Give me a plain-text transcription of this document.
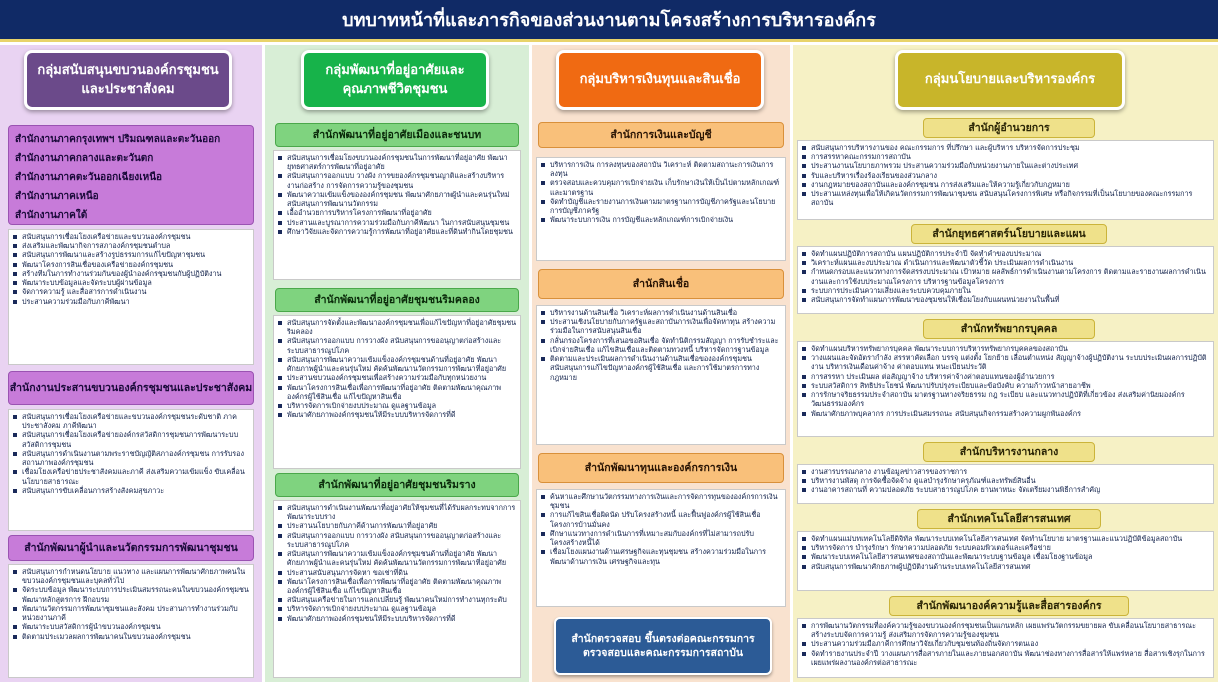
บทบาทหน้าที่และภารกิจของส่วนงานตามโครงสร้างการบริหารองค์กร
กลุ่มสนับสนุนขบวนองค์กรชุมชนและประชาสังคม
สำนักงานภาคกรุงเทพฯ ปริมณฑลและตะวันออก
สำนักงานภาคกลางและตะวันตก
สำนักงานภาคตะวันออกเฉียงเหนือ
สำนักงานภาคเหนือ
สำนักงานภาคใต้
สนับสนุนการเชื่อมโยงเครือข่ายและขบวนองค์กรชุมชน
ส่งเสริมและพัฒนากิจการสภาองค์กรชุมชนตำบล
สนับสนุนการพัฒนาและสร้างรูปธรรมการแก้ไขปัญหาชุมชน
พัฒนาโครงการสินเชื่อของเครือข่ายองค์กรชุมชน
สร้างทีมในการทำงานร่วมกันของผู้นำองค์กรชุมชนกับผู้ปฏิบัติงาน
พัฒนาระบบข้อมูลและจัดระบบผู้ผ่านข้อมูล
จัดการความรู้ และสื่อสารการดำเนินงาน
ประสานความร่วมมือกับภาคีพัฒนา
สำนักงานประสานขบวนองค์กรชุมชนและประชาสังคม
สนับสนุนการเชื่อมโยงเครือข่ายและขบวนองค์กรชุมชนระดับชาติ ภาคประชาสังคม ภาคีพัฒนา
สนับสนุนการเชื่อมโยงเครือข่ายองค์กรสวัสดิการชุมชนการพัฒนาระบบสวัสดิการชุมชน
สนับสนุนการดำเนินงานตามพระราชบัญญัติสภาองค์กรชุมชน การรับรองสถานภาพองค์กรชุมชน
เชื่อมโยงเครือข่ายประชาสังคมและภาคี ส่งเสริมความเข้มแข็ง ขับเคลื่อนนโยบายสาธารณะ
สนับสนุนการขับเคลื่อนการสร้างสังคมสุขภาวะ
สำนักพัฒนาผู้นำและนวัตกรรมการพัฒนาชุมชน
สนับสนุนการกำหนดนโยบาย แนวทาง และแผนการพัฒนาศักยภาพคนในขบวนองค์กรชุมชนและบุคลทั่วไป
จัดระบบข้อมูล พัฒนาระบบการประเมินสมรรถนะคนในขบวนองค์กรชุมชน พัฒนาหลักสูตรการ ฝึกอบรม
พัฒนานวัตกรรมการพัฒนาชุมชนและสังคม ประสานการทำงานร่วมกับหน่วยงานภาคี
พัฒนาระบบสวัสดิการผู้นำขบวนองค์กรชุมชน
ติดตามประเมวลผลการพัฒนาคนในขบวนองค์กรชุมชน
กลุ่มพัฒนาที่อยู่อาศัยและคุณภาพชีวิตชุมชน
สำนักพัฒนาที่อยู่อาศัยเมืองและชนบท
สนับสนุนการเชื่อมโยงขบวนองค์กรชุมชนในการพัฒนาที่อยู่อาศัย พัฒนายุทธศาสตร์การพัฒนาที่อยู่อาศัย
สนับสนุนการออกแบบ วางผัง การขยองค์กรชุมชนญาติและสร้างบริหารงานก่อสร้าง การจัดการความรู้ของชุมชน
พัฒนาความเข้มแข็งขององค์กรชุมชน พัฒนาศักยภาพผู้นำและคนรุ่นใหม่ สนับสนุนการพัฒนานวัตกรรม
เอื้ออำนวยการบริหารโครงการพัฒนาที่อยู่อาศัย
ประสานและบูรณาการความร่วมมือกับภาคีพัฒนา ในการสนับสนุนชุมชน
ศึกษาวิจัยและจัดการความรู้การพัฒนาที่อยู่อาศัยและที่ดินทำกินโดยชุมชน
สำนักพัฒนาที่อยู่อาศัยชุมชนริมคลอง
สนับสนุนการจัดตั้งและพัฒนาองค์กรชุมชนเพื่อแก้ไขปัญหาที่อยู่อาศัยชุมชนริมคลอง
สนับสนุนการออกแบบ การวางผัง สนับสนุนการขออนุญาตก่อสร้างและระบบสาธารณูปโภค
สนับสนุนการพัฒนาความเข้มแข็งองค์กรชุมชนด้านที่อยู่อาศัย พัฒนาศักยภาพผู้นำและคนรุ่นใหม่ คัดค้นพัฒนานวัตกรรมการพัฒนาที่อยู่อาศัย
ประสานขบวนองค์กรชุมชนเพื่อสร้างความร่วมมือกับทุกหน่วยงาน
พัฒนาโครงการสินเชื่อเพื่อการพัฒนาที่อยู่อาศัย ติดตามพัฒนาคุณภาพองค์กรผู้ใช้สินเชื่อ แก้ไขปัญหาสินเชื่อ
บริหารจัดการเบิกจ่ายงบประมาณ ดูแลฐานข้อมูล
พัฒนาศักยภาพองค์กรชุมชนให้มีระบบบริหารจัดการที่ดี
สำนักพัฒนาที่อยู่อาศัยชุมชนริมราง
สนับสนุนการดำเนินงานพัฒนาที่อยู่อาศัยให้ชุมชนที่ได้รับผลกระทบจากการพัฒนาระบบราง
ประสานนโยบายกับภาคีด้านการพัฒนาที่อยู่อาศัย
สนับสนุนการออกแบบ การวางผัง สนับสนุนการขออนุญาตก่อสร้างและระบบสาธารณูปโภค
สนับสนุนการพัฒนาความเข้มแข็งองค์กรชุมชนด้านที่อยู่อาศัย พัฒนาศักยภาพผู้นำและคนรุ่นใหม่ คัดค้นพัฒนานวัตกรรมการพัฒนาที่อยู่อาศัย
ประสานสนับสนุนการจัดหา ขอเช่าที่ดิน
พัฒนาโครงการสินเชื่อเพื่อการพัฒนาที่อยู่อาศัย ติดตามพัฒนาคุณภาพองค์กรผู้ใช้สินเชื่อ แก้ไขปัญหาสินเชื่อ
สนับสนุนเครือข่ายในการแลกเปลี่ยนรู้ พัฒนาคนใหม่การทำงานทุกระดับ
บริหารจัดการเบิกจ่ายงบประมาณ ดูแลฐานข้อมูล
พัฒนาศักยภาพองค์กรชุมชนให้มีระบบบริหารจัดการที่ดี
กลุ่มบริหารเงินทุนและสินเชื่อ
สำนักการเงินและบัญชี
บริหารการเงิน การลงทุนของสถาบัน วิเคราะห์ ติดตามสถานะการเงินการลงทุน
ตรวจสอบและควบคุมการเบิกจ่ายเงิน เก็บรักษาเงินให้เป็นไปตามหลักเกณฑ์และมาตรฐาน
จัดทำบัญชีและรายงานการเงินตามมาตรฐานการบัญชีภาครัฐและนโยบายการบัญชีภาครัฐ
พัฒนาระบบการเงิน การบัญชีและหลักเกณฑ์การเบิกจ่ายเงิน
สำนักสินเชื่อ
บริหารงานด้านสินเชื่อ วิเคราะห์ผลการดำเนินงานด้านสินเชื่อ
ประสานเชิงนโยบายกับภาครัฐและสถาบันการเงินเพื่อจัดหาทุน สร้างความร่วมมือในการสนับสนุนสินเชื่อ
กลั่นกรองโครงการที่เสนอขอสินเชื่อ จัดทำนิติกรรมสัญญา การรับชำระและเบิกจ่ายสินเชื่อ แก้ไขสินเชื่อและติดตามทวงหนี้ บริหารจัดการฐานข้อมูล
ติดตามและประเมินผลการดำเนินงานด้านสินเชื่อขององค์กรชุมชน สนับสนุนการแก้ไขปัญหาองค์กรผู้ใช้สินเชื่อ และการใช้มาตรการทางกฎหมาย
สำนักพัฒนาทุนและองค์กรการเงิน
ค้นหาและศึกษานวัตกรรมทางการเงินและการจัดการทุนขององค์กรการเงินชุมชน
การแก้ไขสินเชื่อผิดนัด ปรับโครงสร้างหนี้ และฟื้นฟูองค์กรผู้ใช้สินเชื่อโครงการบ้านมั่นคง
ศึกษาแนวทางการดำเนินการที่เหมาะสมกับองค์กรที่ไม่สามารถปรับโครงสร้างหนี้ได้
เชื่อมโยงแผนงานด้านเศรษฐกิจและทุนชุมชน สร้างความร่วมมือในการพัฒนาด้านการเงิน เศรษฐกิจและทุน
สำนักตรวจสอบ ขึ้นตรงต่อคณะกรรมการตรวจสอบและคณะกรรมการสถาบัน
กลุ่มนโยบายและบริหารองค์กร
สำนักผู้อำนวยการ
สนับสนุนการบริหารงานของ คณะกรรมการ ที่ปรึกษา และผู้บริหาร บริหารจัดการประชุม
การสรรหาคณะกรรมการสถาบัน
ประสานงานนโยบายภาพรวม ประสานความร่วมมือกับหน่วยงานภายในและต่างประเทศ
รับและบริหารเรื่องร้องเรียนของส่วนกลาง
งานกฎหมายของสถาบันและองค์กรชุมชน การส่งเสริมและให้ความรู้เกี่ยวกับกฎหมาย
ประสานแหล่งทุนเพื่อให้เกิดนวัตกรรมการพัฒนาชุมชน สนับสนุนโครงการพิเศษ หรือกิจกรรมที่เป็นนโยบายของคณะกรรมการสถาบัน
สำนักยุทธศาสตร์นโยบายและแผน
จัดทำแผนปฏิบัติการสถาบัน แผนปฏิบัติการประจำปี จัดทำคำของบประมาณ
วิเคราะห์แผนและงบประมาณ ดำเนินการและพัฒนาตัวชี้วัด ประเมินผลการดำเนินงาน
กำหนดกรอบและแนวทางการจัดสรรงบประมาณ เป้าหมาย ผลลัพธ์การดำเนินงานตามโครงการ ติดตามและรายงานผลการดำเนินงานและการใช้งบประมาณโครงการ บริหารฐานข้อมูลโครงการ
ระบบการประเมินความเสี่ยงและระบบควบคุมภายใน
สนับสนุนการจัดทำแผนการพัฒนาของชุมชนให้เชื่อมโยงกับแผนหน่วยงานในพื้นที่
สำนักทรัพยากรบุคคล
จัดทำแผนบริหารทรัพยากรบุคคล พัฒนาระบบการบริหารทรัพยากรบุคคลของสถาบัน
วางแผนและจัดอัตรากำลัง สรรหาคัดเลือก บรรจุ แต่งตั้ง โยกย้าย เลื่อนตำแหน่ง สัญญาจ้างผู้ปฏิบัติงาน ระบบประเมินผลการปฏิบัติงาน บริหารเงินเดือนค่าจ้าง ค่าตอบแทน หนะเบียนประวัติ
การสรรหา ประเมินผล ต่อสัญญาจ้าง บริหารค่าจ้างค่าตอบแทนของผู้อำนวยการ
ระบบสวัสดิการ สิทธิประโยชน์ พัฒนาปรับปรุงระเบียบและข้อบังคับ ความก้าวหน้าสายอาชีพ
การรักษาจริยธรรมประจำสถาบัน มาตรฐานทางจริยธรรม กฎ ระเบียบ และแนวทางปฏิบัติที่เกี่ยวข้อง ส่งเสริมค่านิยมองค์กร วัฒนธรรมองค์กร
พัฒนาศักยภาพบุคลากร การประเมินสมรรถนะ สนับสนุนกิจกรรมสร้างความผูกพันองค์กร
สำนักบริหารงานกลาง
งานสารบรรณกลาง งานข้อมูลข่าวสารของราชการ
บริหารงานพัสดุ การจัดซื้อจัดจ้าง ดูแลบำรุงรักษาครุภัณฑ์และทรัพย์สินอื่น
งานอาคารสถานที่ ความปลอดภัย ระบบสาธารณูปโภค ยานพาหนะ จัดเตรียมงานพิธีการสำคัญ
สำนักเทคโนโลยีสารสนเทศ
จัดทำแผนแม่บทเทคโนโลยีดิจิทัล พัฒนาระบบเทคโนโลยีสารสนเทศ จัดทำนโยบาย มาตรฐานและแนวปฏิบัติข้อมูลสถาบัน
บริหารจัดการ บำรุงรักษา รักษาความปลอดภัย ระบบคอมพิวเตอร์และเครือข่าย
พัฒนาระบบเทคโนโลยีสารสนเทศของสถาบันและพัฒนาระบบฐานข้อมูล เชื่อมโยงฐานข้อมูล
สนับสนุนการพัฒนาศักยภาพผู้ปฏิบัติงานด้านระบบเทคโนโลยีสารสนเทศ
สำนักพัฒนาองค์ความรู้และสื่อสารองค์กร
การพัฒนานวัตกรรมที่องค์ความรู้ของขบวนองค์กรชุมชนเป็นแกนหลัก เผยแพร่นวัตกรรมขยายผล ขับเคลื่อนนโยบายสาธารณะ สร้างระบบจัดการความรู้ ส่งเสริมการจัดการความรู้ของชุมชน
ประสานความร่วมมือภาคีการศึกษาวิจัยเกี่ยวกับชุมชนท้องถิ่นจัดการตนเอง
จัดทำรายงานประจำปี วางแผนการสื่อสารภายในและภายนอกสถาบัน พัฒนาช่องทางการสื่อสารให้แพร่หลาย สื่อสารเชิงรุกในการเผยแพร่ผลงานองค์กรต่อสาธารณะ
